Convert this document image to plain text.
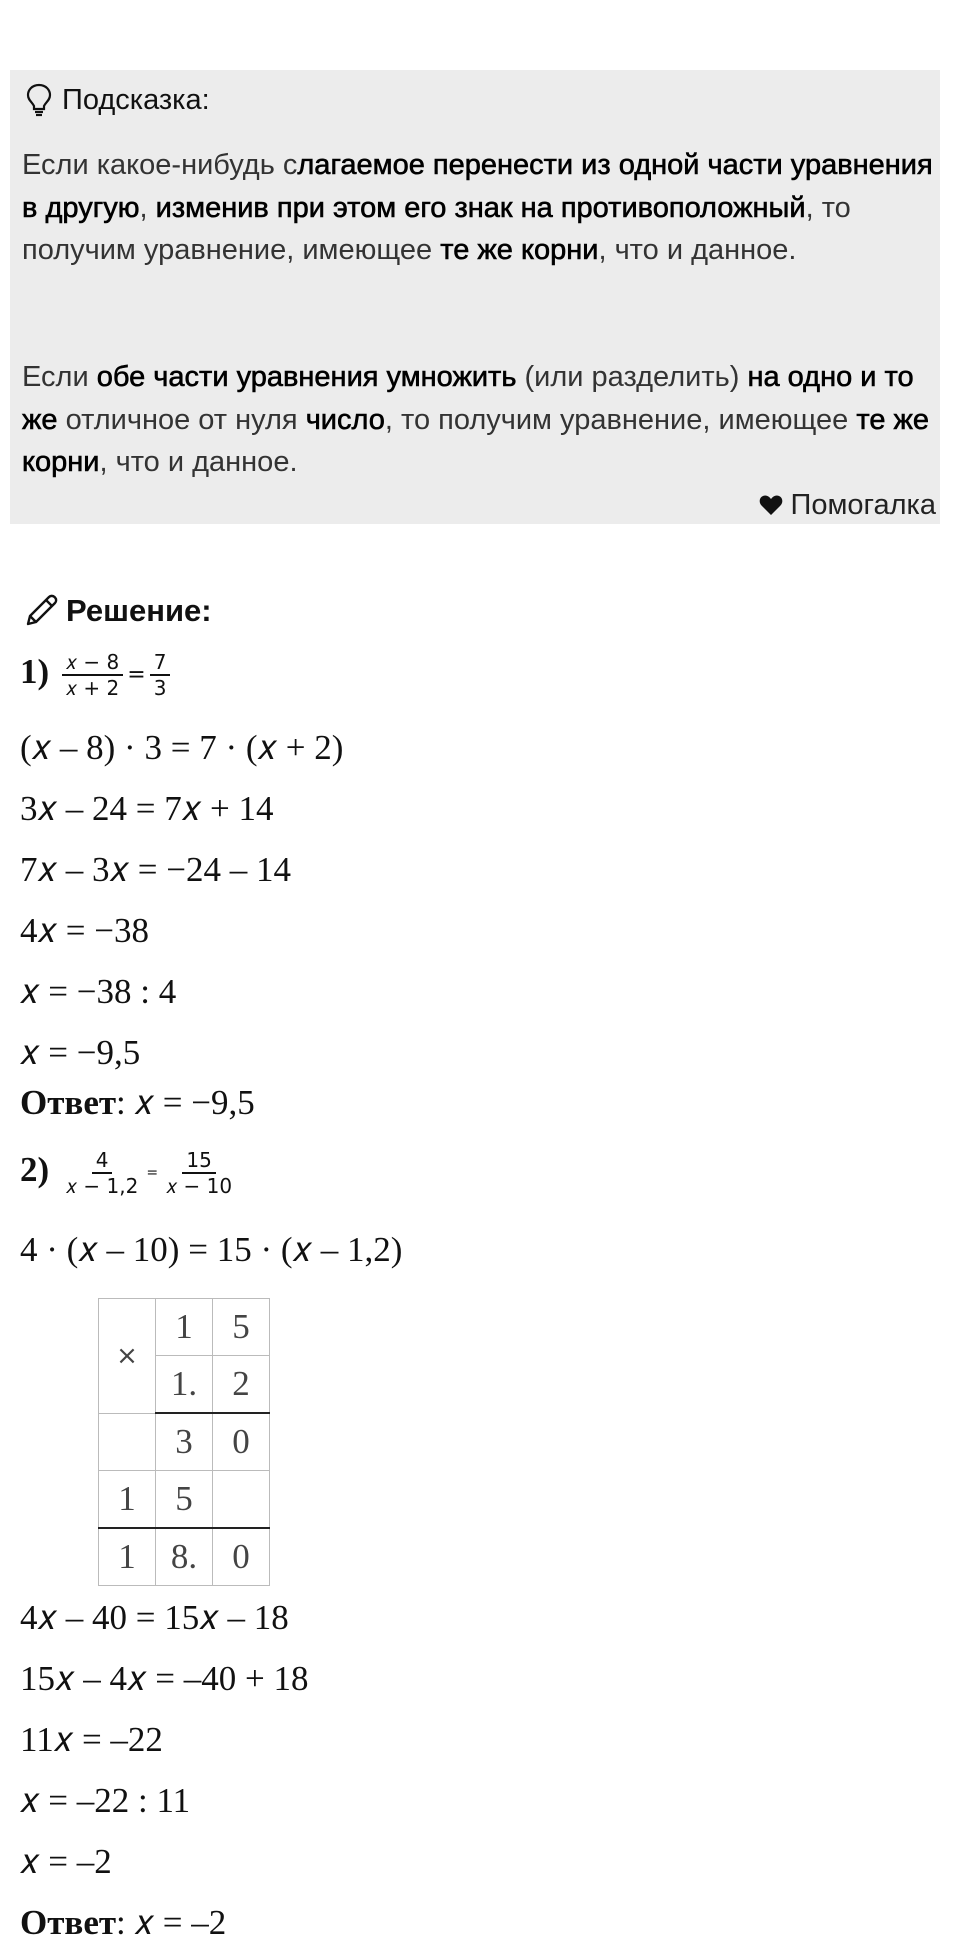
Подсказка:
Если какое-нибудь слагаемое перенести из одной части уравнения в другую, изменив при этом его знак на противоположный, то получим уравнение, имеющее те же корни, что и данное.
Если обе части уравнения умножить (или разделить) на одно и то же отличное от нуля число, то получим уравнение, имеющее те же корни, что и данное.
Помогалка
Решение:
$1) \frac{\text{𝑥 − 8}}{\text{𝑥 + 2}} = \frac{7}{3}$
(𝑥 – 8) · 3 = 7 · (𝑥 + 2)
3𝑥 – 24 = 7𝑥 + 14
7𝑥 – 3𝑥 = −24 – 14
4𝑥 = −38
𝑥 = −38 : 4
𝑥 = −9,5
Ответ: 𝑥 = −9,5
$2) \frac{4}{\text{𝑥 − 1,2}} = \frac{15}{\text{𝑥 − 10}}$
4 · (𝑥 – 10) = 15 · (𝑥 – 1,2)
×	1	5
	1.	2
	3	0
1	5	
1	8.	0
4𝑥 – 40 = 15𝑥 – 18
15𝑥 – 4𝑥 = –40 + 18
11𝑥 = –22
𝑥 = –22 : 11
𝑥 = –2
Ответ: 𝑥 = –2
